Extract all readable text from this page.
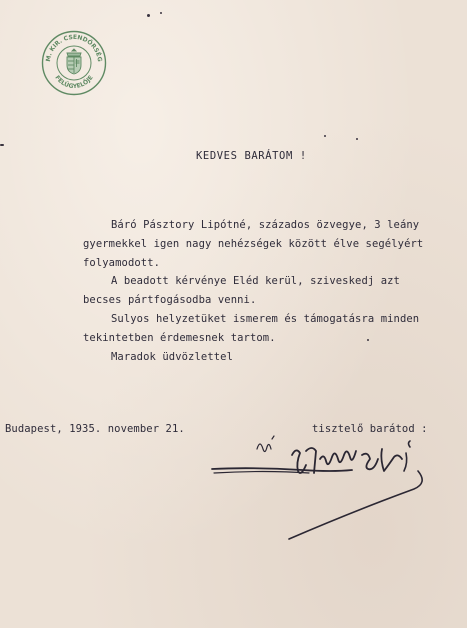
M. KIR. CSENDŐRSÉG
FELÜGYELŐJE
KEDVES BARÁTOM !
Báró Pásztory Lipótné, százados özvegye, 3 leány
gyermekkel igen nagy nehézségek között élve segélyért
folyamodott.
A beadott kérvénye Eléd kerül, sziveskedj azt
becses pártfogásodba venni.
Sulyos helyzetüket ismerem és támogatásra minden
tekintetben érdemesnek tartom.
Maradok üdvözlettel
Budapest, 1935. november 21.	tisztelő barátod :
